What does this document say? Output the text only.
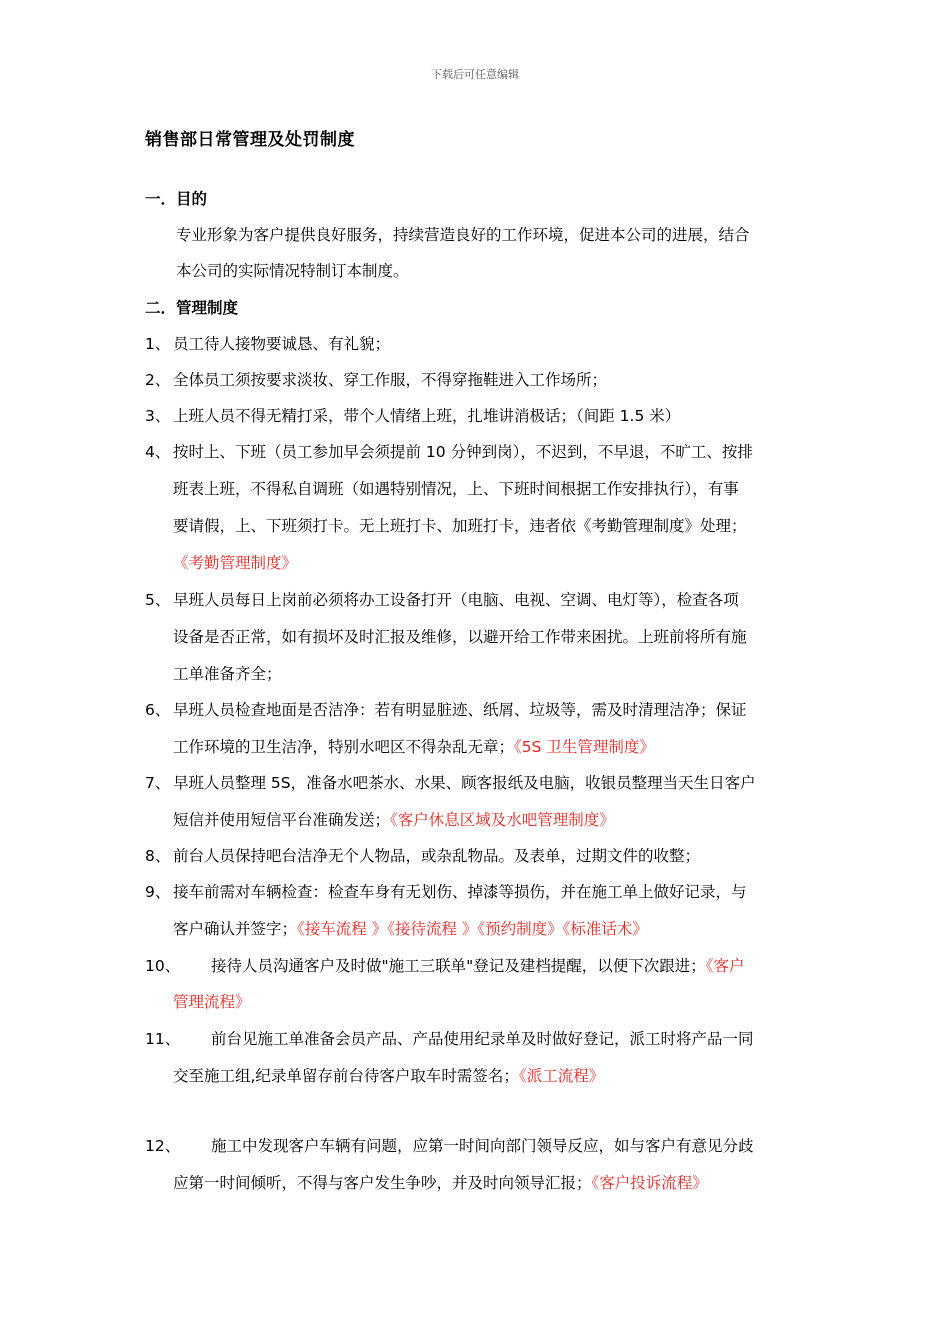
下载后可任意编辑
销售部日常管理及处罚制度
一．目的
专业形象为客户提供良好服务，持续营造良好的工作环境，促进本公司的进展，结合
本公司的实际情况特制订本制度。
二．管理制度
1、 员工待人接物要诚恳、有礼貌；
2、 全体员工须按要求淡妆、穿工作服，不得穿拖鞋进入工作场所；
3、 上班人员不得无精打采，带个人情绪上班，扎堆讲消极话；（间距 1.5 米）
4、 按时上、下班（员工参加早会须提前 10 分钟到岗），不迟到，不早退，不旷工、按排
班表上班，不得私自调班（如遇特别情况，上、下班时间根据工作安排执行），有事
要请假，上、下班须打卡。无上班打卡、加班打卡，违者依《考勤管理制度》处理；
《考勤管理制度》
5、 早班人员每日上岗前必须将办工设备打开（电脑、电视、空调、电灯等），检查各项
设备是否正常，如有损坏及时汇报及维修，以避开给工作带来困扰。上班前将所有施
工单准备齐全；
6、 早班人员检查地面是否洁净：若有明显脏迹、纸屑、垃圾等，需及时清理洁净；保证
工作环境的卫生洁净，特别水吧区不得杂乱无章；《5S 卫生管理制度》
7、 早班人员整理 5S，准备水吧茶水、水果、顾客报纸及电脑，收银员整理当天生日客户
短信并使用短信平台准确发送；《客户休息区域及水吧管理制度》
8、 前台人员保持吧台洁净无个人物品，或杂乱物品。及表单，过期文件的收整；
9、 接车前需对车辆检查：检查车身有无划伤、掉漆等损伤，并在施工单上做好记录，与
客户确认并签字；《接车流程 》《接待流程 》《预约制度》《标准话术》
10、 接待人员沟通客户及时做"施工三联单"登记及建档提醒，以便下次跟进；《客户
管理流程》
11、 前台见施工单准备会员产品、产品使用纪录单及时做好登记，派工时将产品一同
交至施工组,纪录单留存前台待客户取车时需签名；《派工流程》
12、 施工中发现客户车辆有问题，应第一时间向部门领导反应，如与客户有意见分歧
应第一时间倾听，不得与客户发生争吵，并及时向领导汇报；《客户投诉流程》
